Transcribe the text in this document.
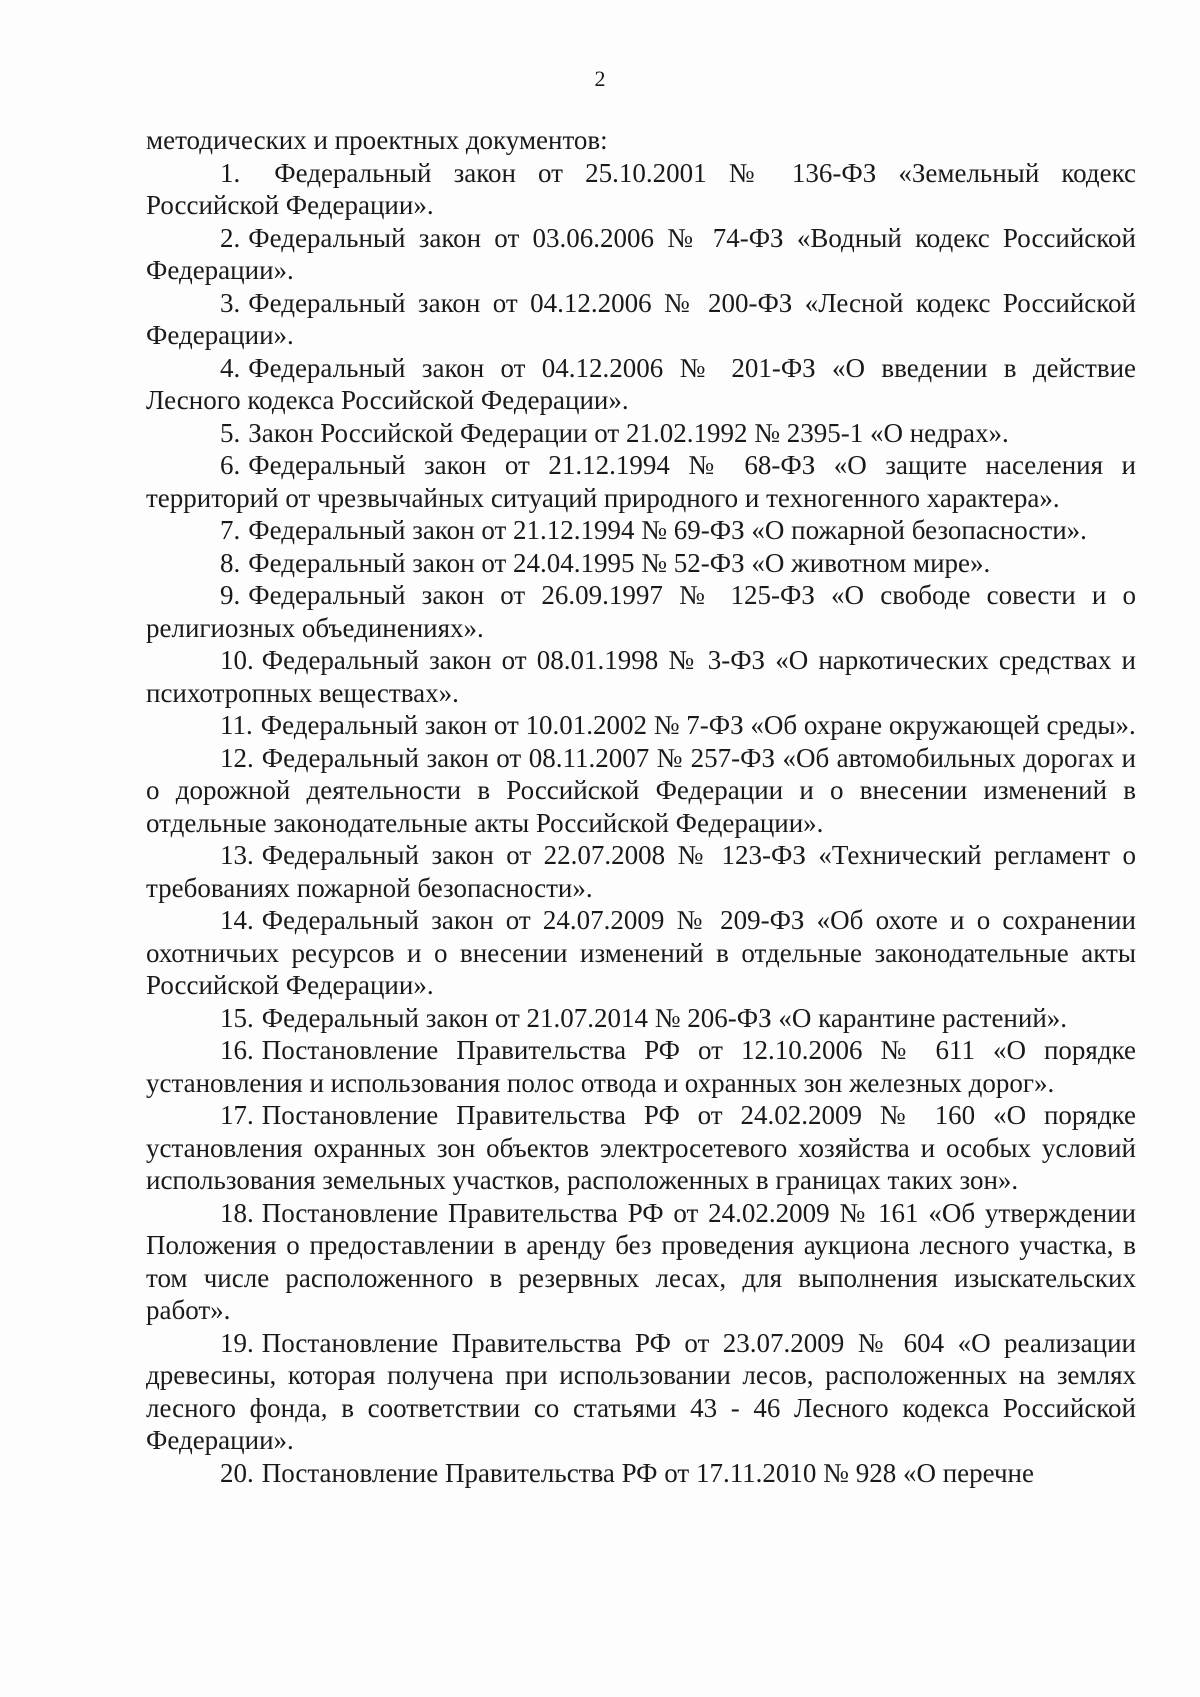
2

методических и проектных документов:

1. Федеральный закон от 25.10.2001 № 136-ФЗ «Земельный кодекс Российской Федерации».

2. Федеральный закон от 03.06.2006 № 74-ФЗ «Водный кодекс Российской Федерации».

3. Федеральный закон от 04.12.2006 № 200-ФЗ «Лесной кодекс Российской Федерации».

4. Федеральный закон от 04.12.2006 № 201-ФЗ «О введении в действие Лесного кодекса Российской Федерации».

5. Закон Российской Федерации от 21.02.1992 № 2395-1 «О недрах».

6. Федеральный закон от 21.12.1994 № 68-ФЗ «О защите населения и территорий от чрезвычайных ситуаций природного и техногенного характера».

7. Федеральный закон от 21.12.1994 № 69-ФЗ «О пожарной безопасности».

8. Федеральный закон от 24.04.1995 № 52-ФЗ «О животном мире».

9. Федеральный закон от 26.09.1997 № 125-ФЗ «О свободе совести и о религиозных объединениях».

10. Федеральный закон от 08.01.1998 № 3-ФЗ «О наркотических средствах и психотропных веществах».

11. Федеральный закон от 10.01.2002 № 7-ФЗ «Об охране окружающей среды».

12. Федеральный закон от 08.11.2007 № 257-ФЗ «Об автомобильных дорогах и о дорожной деятельности в Российской Федерации и о внесении изменений в отдельные законодательные акты Российской Федерации».

13. Федеральный закон от 22.07.2008 № 123-ФЗ «Технический регламент о требованиях пожарной безопасности».

14. Федеральный закон от 24.07.2009 № 209-ФЗ «Об охоте и о сохранении охотничьих ресурсов и о внесении изменений в отдельные законодательные акты Российской Федерации».

15. Федеральный закон от 21.07.2014 № 206-ФЗ «О карантине растений».

16. Постановление Правительства РФ от 12.10.2006 № 611 «О порядке установления и использования полос отвода и охранных зон железных дорог».

17. Постановление Правительства РФ от 24.02.2009 № 160 «О порядке установления охранных зон объектов электросетевого хозяйства и особых условий использования земельных участков, расположенных в границах таких зон».

18. Постановление Правительства РФ от 24.02.2009 № 161 «Об утверждении Положения о предоставлении в аренду без проведения аукциона лесного участка, в том числе расположенного в резервных лесах, для выполнения изыскательских работ».

19. Постановление Правительства РФ от 23.07.2009 № 604 «О реализации древесины, которая получена при использовании лесов, расположенных на землях лесного фонда, в соответствии со статьями 43 - 46 Лесного кодекса Российской Федерации».

20. Постановление Правительства РФ от 17.11.2010 № 928 «О перечне
